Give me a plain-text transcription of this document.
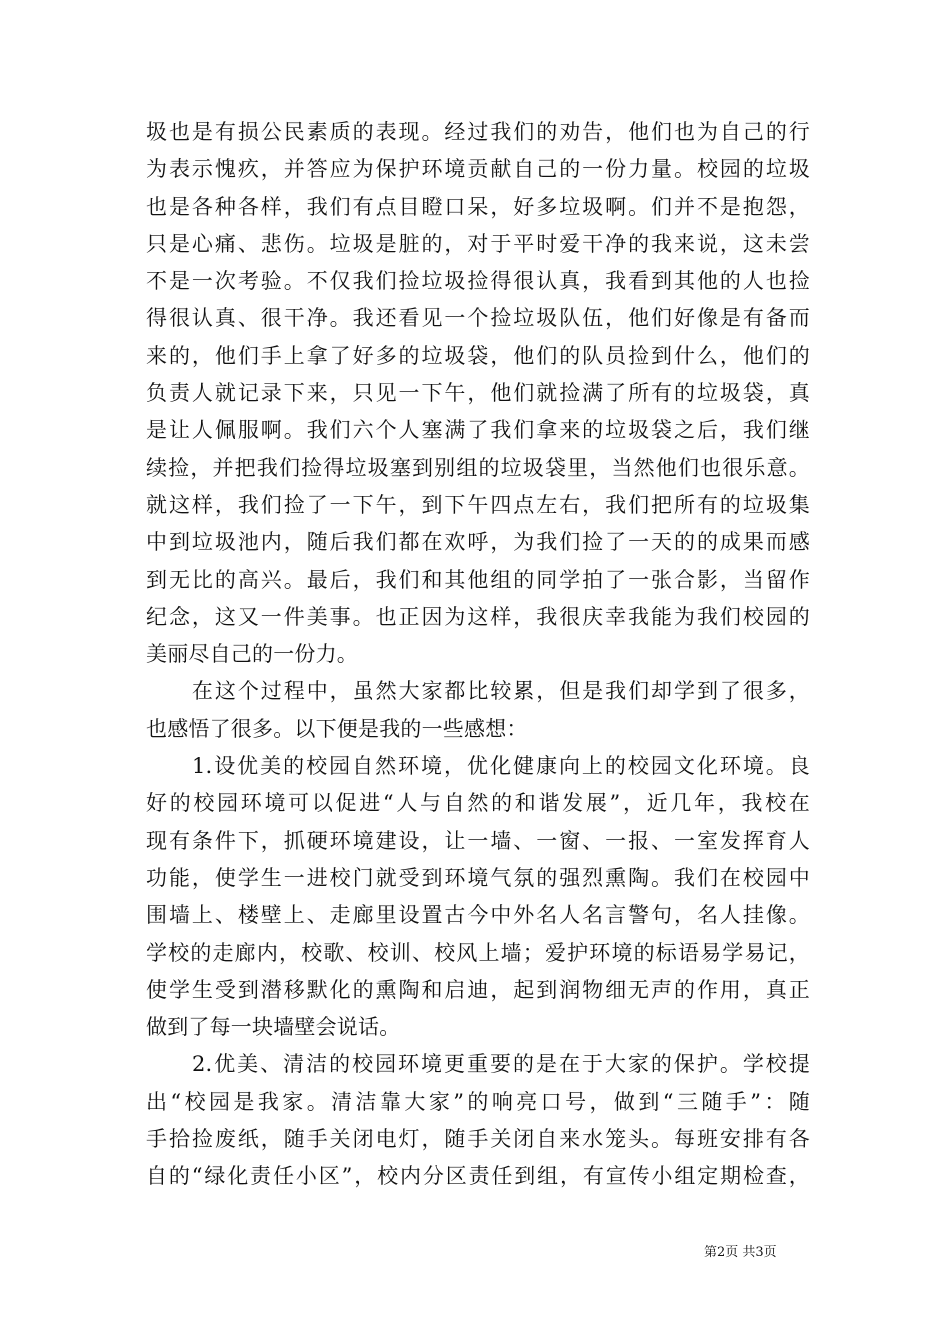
圾也是有损公民素质的表现。经过我们的劝告，他们也为自己的行
为表示愧疚，并答应为保护环境贡献自己的一份力量。校园的垃圾
也是各种各样，我们有点目瞪口呆，好多垃圾啊。们并不是抱怨，
只是心痛、悲伤。垃圾是脏的，对于平时爱干净的我来说，这未尝
不是一次考验。不仅我们捡垃圾捡得很认真，我看到其他的人也捡
得很认真、很干净。我还看见一个捡垃圾队伍，他们好像是有备而
来的，他们手上拿了好多的垃圾袋，他们的队员捡到什么，他们的
负责人就记录下来，只见一下午，他们就捡满了所有的垃圾袋，真
是让人佩服啊。我们六个人塞满了我们拿来的垃圾袋之后，我们继
续捡，并把我们捡得垃圾塞到别组的垃圾袋里，当然他们也很乐意。
就这样，我们捡了一下午，到下午四点左右，我们把所有的垃圾集
中到垃圾池内，随后我们都在欢呼，为我们捡了一天的的成果而感
到无比的高兴。最后，我们和其他组的同学拍了一张合影，当留作
纪念，这又一件美事。也正因为这样，我很庆幸我能为我们校园的
美丽尽自己的一份力。
　　在这个过程中，虽然大家都比较累，但是我们却学到了很多，
也感悟了很多。以下便是我的一些感想：
　　1.设优美的校园自然环境，优化健康向上的校园文化环境。良
好的校园环境可以促进“人与自然的和谐发展”，近几年，我校在
现有条件下，抓硬环境建设，让一墙、一窗、一报、一室发挥育人
功能，使学生一进校门就受到环境气氛的强烈熏陶。我们在校园中
围墙上、楼壁上、走廊里设置古今中外名人名言警句，名人挂像。
学校的走廊内，校歌、校训、校风上墙；爱护环境的标语易学易记，
使学生受到潜移默化的熏陶和启迪，起到润物细无声的作用，真正
做到了每一块墙壁会说话。
　　2.优美、清洁的校园环境更重要的是在于大家的保护。学校提
出“校园是我家。清洁靠大家”的响亮口号，做到“三随手”：随
手拾捡废纸，随手关闭电灯，随手关闭自来水笼头。每班安排有各
自的“绿化责任小区”，校内分区责任到组，有宣传小组定期检查，
第2页 共3页
